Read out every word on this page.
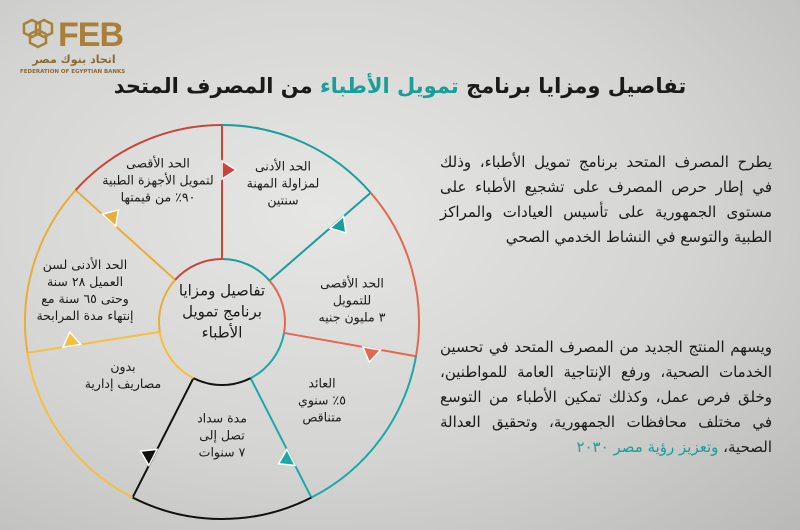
FEB
اتحاد بنوك مصر
FEDERATION OF EGYPTIAN BANKS
تفاصيل ومزايا برنامج تمويل الأطباء من المصرف المتحد
يطرح المصرف المتحد برنامج تمويل الأطباء، وذلك في إطار حرص المصرف على تشجيع الأطباء على مستوى الجمهورية على تأسيس العيادات والمراكز الطبية والتوسع في النشاط الخدمي الصحي
ويسهم المنتج الجديد من المصرف المتحد في تحسين الخدمات الصحية، ورفع الإنتاجية العامة للمواطنين، وخلق فرص عمل، وكذلك تمكين الأطباء من التوسع في مختلف محافظات الجمهورية، وتحقيق العدالة الصحية، وتعزيز رؤية مصر ٢٠٣٠
الحد الأدنى
لمزاولة المهنة
سنتين
الحد الأقصى
للتمويل
٣ مليون جنيه
العائد
٥٪ سنوي
متناقص
مدة سداد
تصل إلى
٧ سنوات
بدون
مصاريف إدارية
الحد الأدنى لسن
العميل ٢٨ سنة
وحتى ٦٥ سنة مع
إنتهاء مدة المرابحة
الحد الأقصى
لتمويل الأجهزة الطبية
٩٠٪ من قيمتها
تفاصيل ومزايا
برنامج تمويل
الأطباء
